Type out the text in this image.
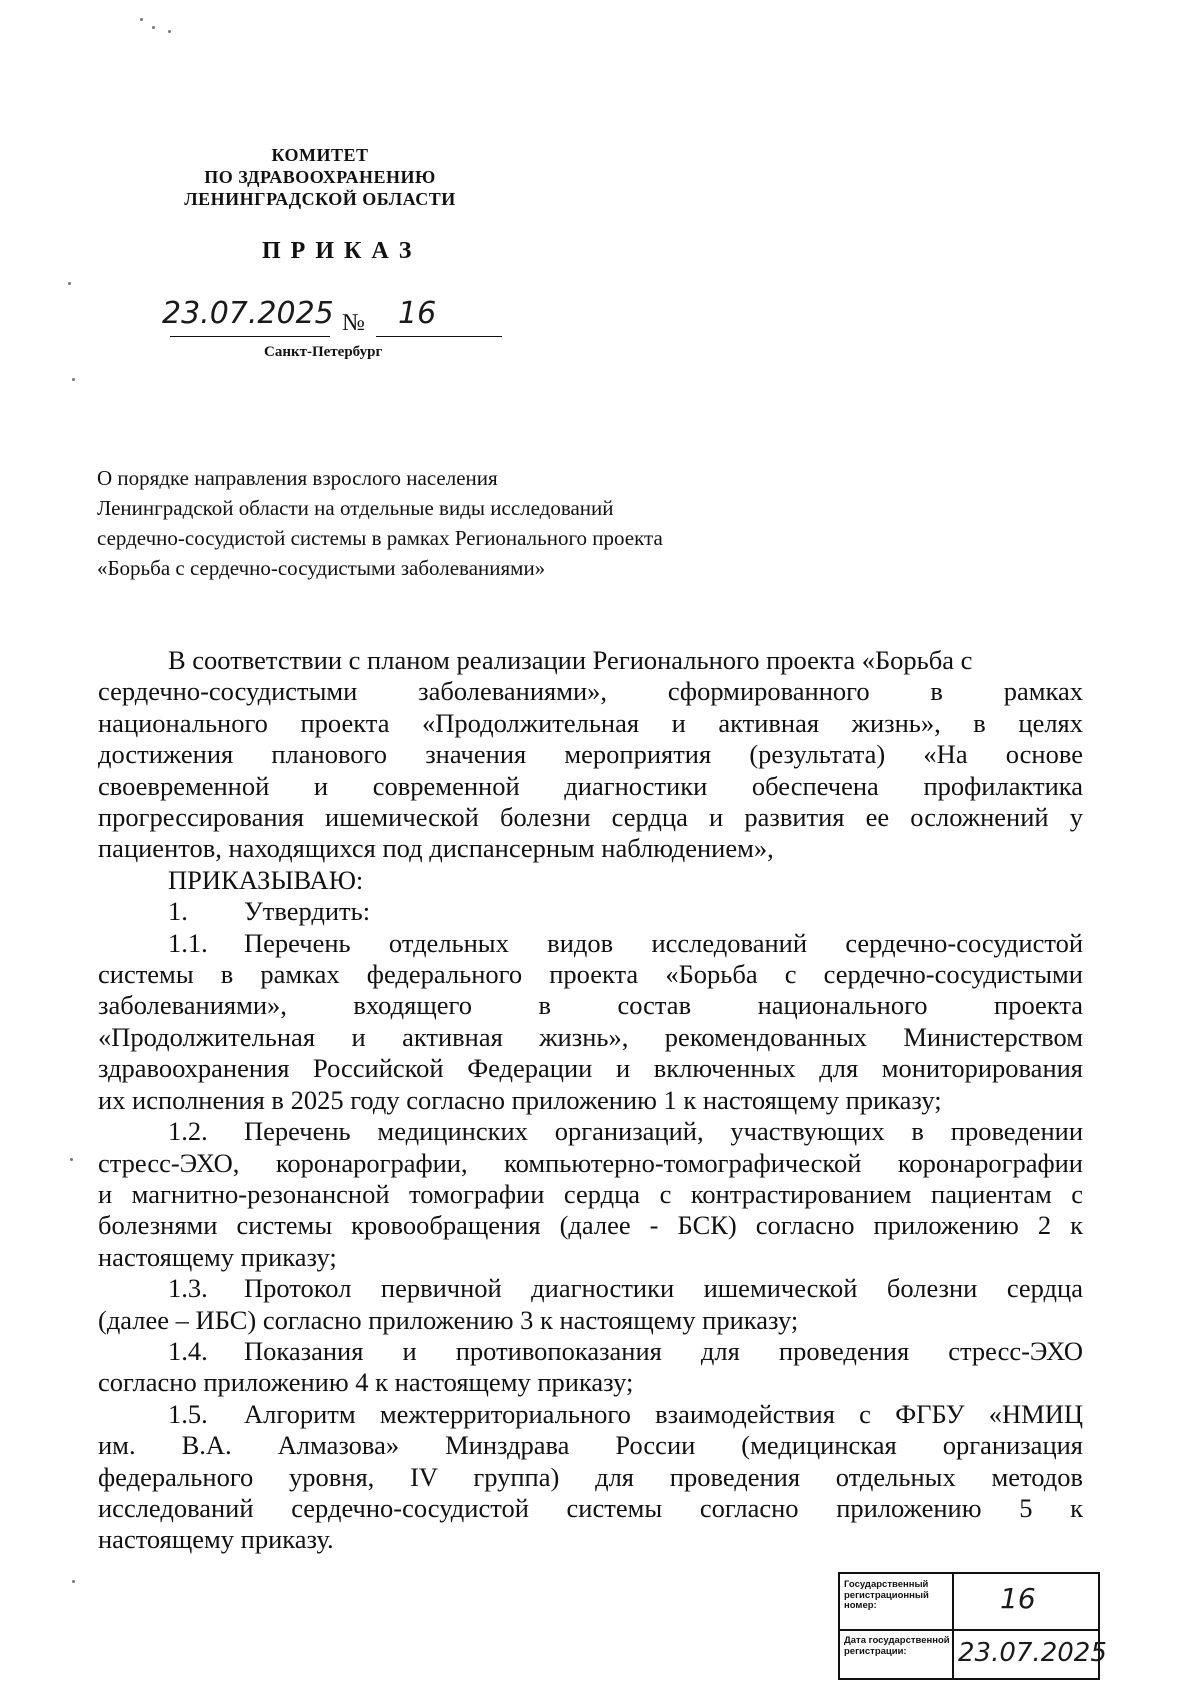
КОМИТЕТ
ПО ЗДРАВООХРАНЕНИЮ
ЛЕНИНГРАДСКОЙ ОБЛАСТИ
П Р И К А З
23.07.2025 № 16
Санкт-Петербург
О порядке направления взрослого населения
Ленинградской области на отдельные виды исследований
сердечно-сосудистой системы в рамках Регионального проекта
«Борьба с сердечно-сосудистыми заболеваниями»
В соответствии с планом реализации Регионального проекта «Борьба с
сердечно-сосудистыми заболеваниями», сформированного в рамках
национального проекта «Продолжительная и активная жизнь», в целях
достижения планового значения мероприятия (результата) «На основе
своевременной и современной диагностики обеспечена профилактика
прогрессирования ишемической болезни сердца и развития ее осложнений у
пациентов, находящихся под диспансерным наблюдением»,
ПРИКАЗЫВАЮ:
1. Утвердить:
1.1. Перечень отдельных видов исследований сердечно-сосудистой
системы в рамках федерального проекта «Борьба с сердечно-сосудистыми
заболеваниями», входящего в состав национального проекта
«Продолжительная и активная жизнь», рекомендованных Министерством
здравоохранения Российской Федерации и включенных для мониторирования
их исполнения в 2025 году согласно приложению 1 к настоящему приказу;
1.2. Перечень медицинских организаций, участвующих в проведении
стресс-ЭХО, коронарографии, компьютерно-томографической коронарографии
и магнитно-резонансной томографии сердца с контрастированием пациентам с
болезнями системы кровообращения (далее - БСК) согласно приложению 2 к
настоящему приказу;
1.3. Протокол первичной диагностики ишемической болезни сердца
(далее – ИБС) согласно приложению 3 к настоящему приказу;
1.4. Показания и противопоказания для проведения стресс-ЭХО
согласно приложению 4 к настоящему приказу;
1.5. Алгоритм межтерриториального взаимодействия с ФГБУ «НМИЦ
им. В.А. Алмазова» Минздрава России (медицинская организация
федерального уровня, IV группа) для проведения отдельных методов
исследований сердечно-сосудистой системы согласно приложению 5 к
настоящему приказу.
Государственный регистрационный номер:	16
Дата государственной регистрации:	23.07.2025
